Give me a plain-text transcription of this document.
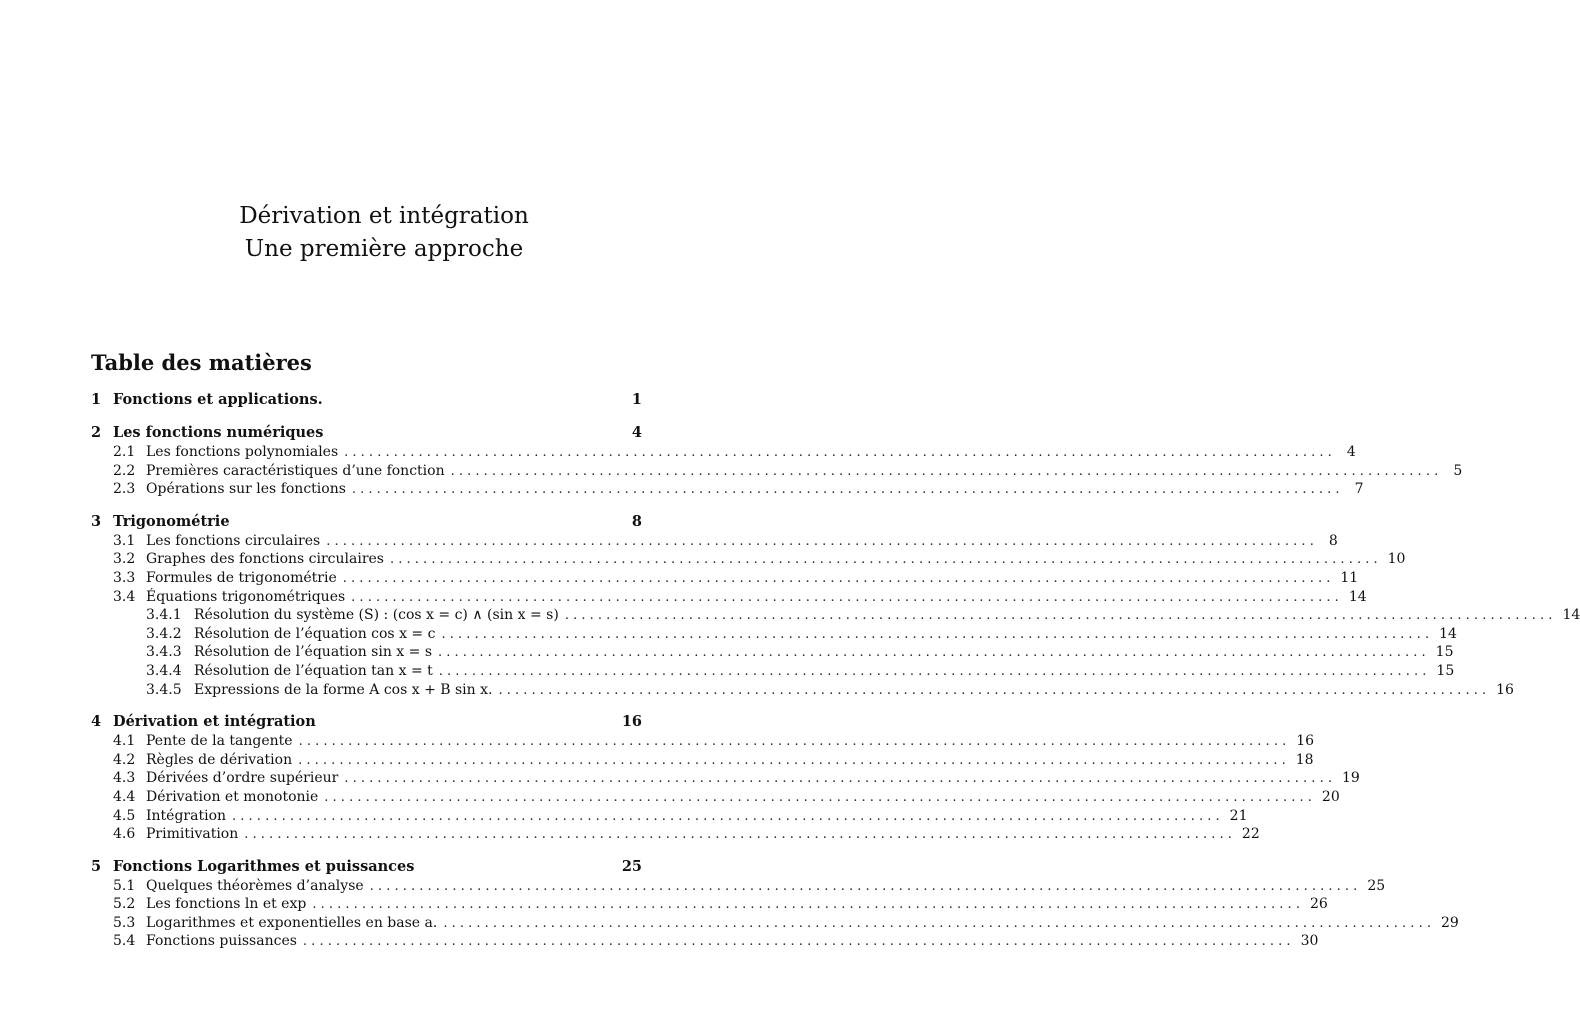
Dérivation et intégration
Une première approche
Table des matières
1 Fonctions et applications.	1
2 Les fonctions numériques	4
2.1 Les fonctions polynomiales . . . . . . . . . . . . . . . . . . . . . . . . . . . . . . . . . . . . . . . . . . . . . . . . . . . . . . . . . . . . . . . . . . . . . . . . . . . . . . . . . . . . . . . . . . . . . . . . . . . . . . . . . . . . . . . . . . . . . . . .	4
2.2 Premières caractéristiques d’une fonction . . . . . . . . . . . . . . . . . . . . . . . . . . . . . . . . . . . . . . . . . . . . . . . . . . . . . . . . . . . . . . . . . . . . . . . . . . . . . . . . . . . . . . . . . . . . . . . . . . . . . . . . . . . . . . . . . . . . . . . .	5
2.3 Opérations sur les fonctions . . . . . . . . . . . . . . . . . . . . . . . . . . . . . . . . . . . . . . . . . . . . . . . . . . . . . . . . . . . . . . . . . . . . . . . . . . . . . . . . . . . . . . . . . . . . . . . . . . . . . . . . . . . . . . . . . . . . . . . .	7
3 Trigonométrie	8
3.1 Les fonctions circulaires . . . . . . . . . . . . . . . . . . . . . . . . . . . . . . . . . . . . . . . . . . . . . . . . . . . . . . . . . . . . . . . . . . . . . . . . . . . . . . . . . . . . . . . . . . . . . . . . . . . . . . . . . . . . . . . . . . . . . . . .	8
3.2 Graphes des fonctions circulaires . . . . . . . . . . . . . . . . . . . . . . . . . . . . . . . . . . . . . . . . . . . . . . . . . . . . . . . . . . . . . . . . . . . . . . . . . . . . . . . . . . . . . . . . . . . . . . . . . . . . . . . . . . . . . . . . . . . . . . . . 10
3.3 Formules de trigonométrie . . . . . . . . . . . . . . . . . . . . . . . . . . . . . . . . . . . . . . . . . . . . . . . . . . . . . . . . . . . . . . . . . . . . . . . . . . . . . . . . . . . . . . . . . . . . . . . . . . . . . . . . . . . . . . . . . . . . . . . . 11
3.4 Équations trigonométriques . . . . . . . . . . . . . . . . . . . . . . . . . . . . . . . . . . . . . . . . . . . . . . . . . . . . . . . . . . . . . . . . . . . . . . . . . . . . . . . . . . . . . . . . . . . . . . . . . . . . . . . . . . . . . . . . . . . . . . . . 14
3.4.1 Résolution du système (S) : (cos x = c) ∧ (sin x = s) . . . . . . . . . . . . . . . . . . . . . . . . . . . . . . . . . . . . . . . . . . . . . . . . . . . . . . . . . . . . . . . . . . . . . . . . . . . . . . . . . . . . . . . . . . . . . . . . . . . . . . . . . . . . . . . . . . . . . . . . 14
3.4.2 Résolution de l’équation cos x = c . . . . . . . . . . . . . . . . . . . . . . . . . . . . . . . . . . . . . . . . . . . . . . . . . . . . . . . . . . . . . . . . . . . . . . . . . . . . . . . . . . . . . . . . . . . . . . . . . . . . . . . . . . . . . . . . . . . . . . . . 14
3.4.3 Résolution de l’équation sin x = s . . . . . . . . . . . . . . . . . . . . . . . . . . . . . . . . . . . . . . . . . . . . . . . . . . . . . . . . . . . . . . . . . . . . . . . . . . . . . . . . . . . . . . . . . . . . . . . . . . . . . . . . . . . . . . . . . . . . . . . . 15
3.4.4 Résolution de l’équation tan x = t . . . . . . . . . . . . . . . . . . . . . . . . . . . . . . . . . . . . . . . . . . . . . . . . . . . . . . . . . . . . . . . . . . . . . . . . . . . . . . . . . . . . . . . . . . . . . . . . . . . . . . . . . . . . . . . . . . . . . . . . 15
3.4.5 Expressions de la forme A cos x + B sin x. . . . . . . . . . . . . . . . . . . . . . . . . . . . . . . . . . . . . . . . . . . . . . . . . . . . . . . . . . . . . . . . . . . . . . . . . . . . . . . . . . . . . . . . . . . . . . . . . . . . . . . . . . . . . . . . . . . . . . . . . 16
4 Dérivation et intégration	16
4.1 Pente de la tangente . . . . . . . . . . . . . . . . . . . . . . . . . . . . . . . . . . . . . . . . . . . . . . . . . . . . . . . . . . . . . . . . . . . . . . . . . . . . . . . . . . . . . . . . . . . . . . . . . . . . . . . . . . . . . . . . . . . . . . . . 16
4.2 Règles de dérivation . . . . . . . . . . . . . . . . . . . . . . . . . . . . . . . . . . . . . . . . . . . . . . . . . . . . . . . . . . . . . . . . . . . . . . . . . . . . . . . . . . . . . . . . . . . . . . . . . . . . . . . . . . . . . . . . . . . . . . . . 18
4.3 Dérivées d’ordre supérieur . . . . . . . . . . . . . . . . . . . . . . . . . . . . . . . . . . . . . . . . . . . . . . . . . . . . . . . . . . . . . . . . . . . . . . . . . . . . . . . . . . . . . . . . . . . . . . . . . . . . . . . . . . . . . . . . . . . . . . . . 19
4.4 Dérivation et monotonie . . . . . . . . . . . . . . . . . . . . . . . . . . . . . . . . . . . . . . . . . . . . . . . . . . . . . . . . . . . . . . . . . . . . . . . . . . . . . . . . . . . . . . . . . . . . . . . . . . . . . . . . . . . . . . . . . . . . . . . . 20
4.5 Intégration . . . . . . . . . . . . . . . . . . . . . . . . . . . . . . . . . . . . . . . . . . . . . . . . . . . . . . . . . . . . . . . . . . . . . . . . . . . . . . . . . . . . . . . . . . . . . . . . . . . . . . . . . . . . . . . . . . . . . . . . 21
4.6 Primitivation . . . . . . . . . . . . . . . . . . . . . . . . . . . . . . . . . . . . . . . . . . . . . . . . . . . . . . . . . . . . . . . . . . . . . . . . . . . . . . . . . . . . . . . . . . . . . . . . . . . . . . . . . . . . . . . . . . . . . . . . 22
5 Fonctions Logarithmes et puissances	25
5.1 Quelques théorèmes d’analyse . . . . . . . . . . . . . . . . . . . . . . . . . . . . . . . . . . . . . . . . . . . . . . . . . . . . . . . . . . . . . . . . . . . . . . . . . . . . . . . . . . . . . . . . . . . . . . . . . . . . . . . . . . . . . . . . . . . . . . . . 25
5.2 Les fonctions ln et exp . . . . . . . . . . . . . . . . . . . . . . . . . . . . . . . . . . . . . . . . . . . . . . . . . . . . . . . . . . . . . . . . . . . . . . . . . . . . . . . . . . . . . . . . . . . . . . . . . . . . . . . . . . . . . . . . . . . . . . . . 26
5.3 Logarithmes et exponentielles en base a. . . . . . . . . . . . . . . . . . . . . . . . . . . . . . . . . . . . . . . . . . . . . . . . . . . . . . . . . . . . . . . . . . . . . . . . . . . . . . . . . . . . . . . . . . . . . . . . . . . . . . . . . . . . . . . . . . . . . . . . . 29
5.4 Fonctions puissances . . . . . . . . . . . . . . . . . . . . . . . . . . . . . . . . . . . . . . . . . . . . . . . . . . . . . . . . . . . . . . . . . . . . . . . . . . . . . . . . . . . . . . . . . . . . . . . . . . . . . . . . . . . . . . . . . . . . . . . . 30
